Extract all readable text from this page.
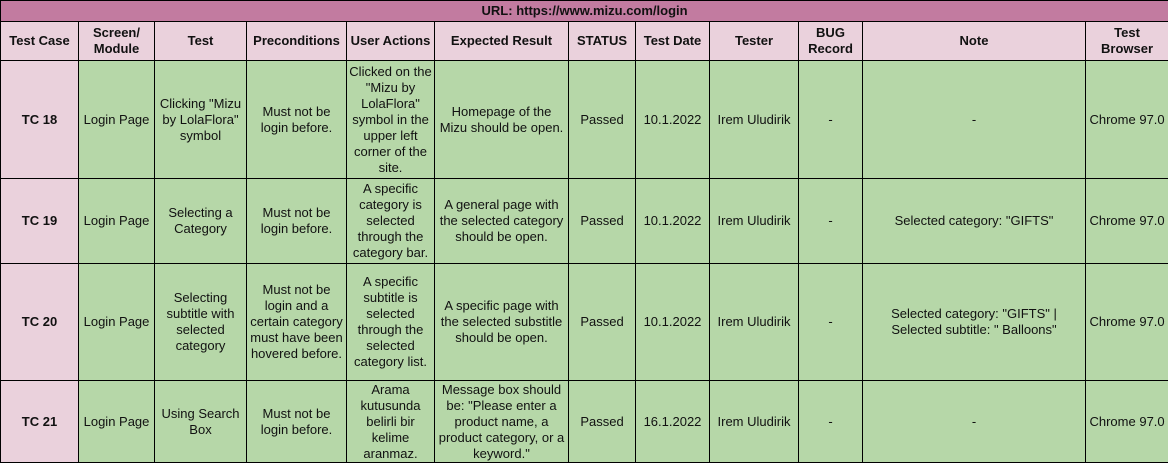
URL: https://www.mizu.com/login											
Test Case	Screen/ Module	Test	Preconditions	User Actions	Expected Result	STATUS	Test Date	Tester	BUG Record	Note	Test Browser
TC 18	Login Page	Clicking "Mizu by LolaFlora" symbol	Must not be login before.	Clicked on the "Mizu by LolaFlora" symbol in the upper left corner of the site.	Homepage of the Mizu should be open.	Passed	10.1.2022	Irem Uludirik	-	-	Chrome 97.0
TC 19	Login Page	Selecting a Category	Must not be login before.	A specific category is selected through the category bar.	A general page with the selected category should be open.	Passed	10.1.2022	Irem Uludirik	-	Selected category: "GIFTS"	Chrome 97.0
TC 20	Login Page	Selecting subtitle with selected category	Must not be login and a certain category must have been hovered before.	A specific subtitle is selected through the selected category list.	A specific page with the selected substitle should be open.	Passed	10.1.2022	Irem Uludirik	-	Selected category: "GIFTS" | Selected subtitle: " Balloons"	Chrome 97.0
TC 21	Login Page	Using Search Box	Must not be login before.	Arama kutusunda belirli bir kelime aranmaz.	Message box should be: "Please enter a product name, a product category, or a keyword."	Passed	16.1.2022	Irem Uludirik	-	-	Chrome 97.0
